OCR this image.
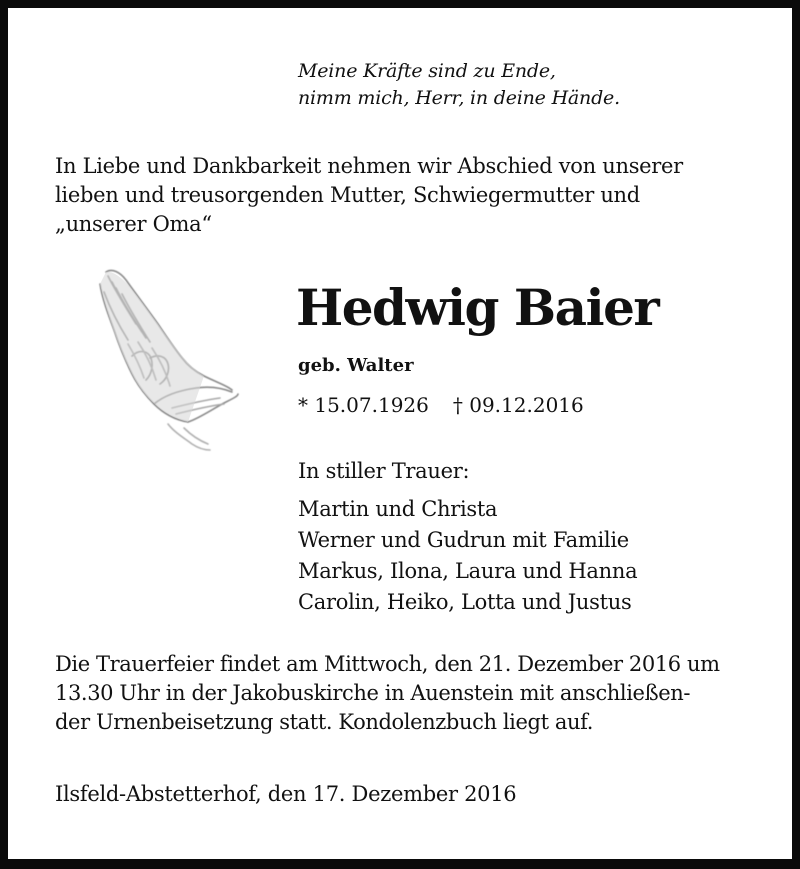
Meine Kräfte sind zu Ende,
nimm mich, Herr, in deine Hände.
In Liebe und Dankbarkeit nehmen wir Abschied von unserer
lieben und treusorgenden Mutter, Schwiegermutter und
„unserer Oma“
Hedwig Baier
geb. Walter
* 15.07.1926 † 09.12.2016
In stiller Trauer:
Martin und Christa
Werner und Gudrun mit Familie
Markus, Ilona, Laura und Hanna
Carolin, Heiko, Lotta und Justus
Die Trauerfeier findet am Mittwoch, den 21. Dezember 2016 um
13.30 Uhr in der Jakobuskirche in Auenstein mit anschließen-
der Urnenbeisetzung statt. Kondolenzbuch liegt auf.
Ilsfeld-Abstetterhof, den 17. Dezember 2016
